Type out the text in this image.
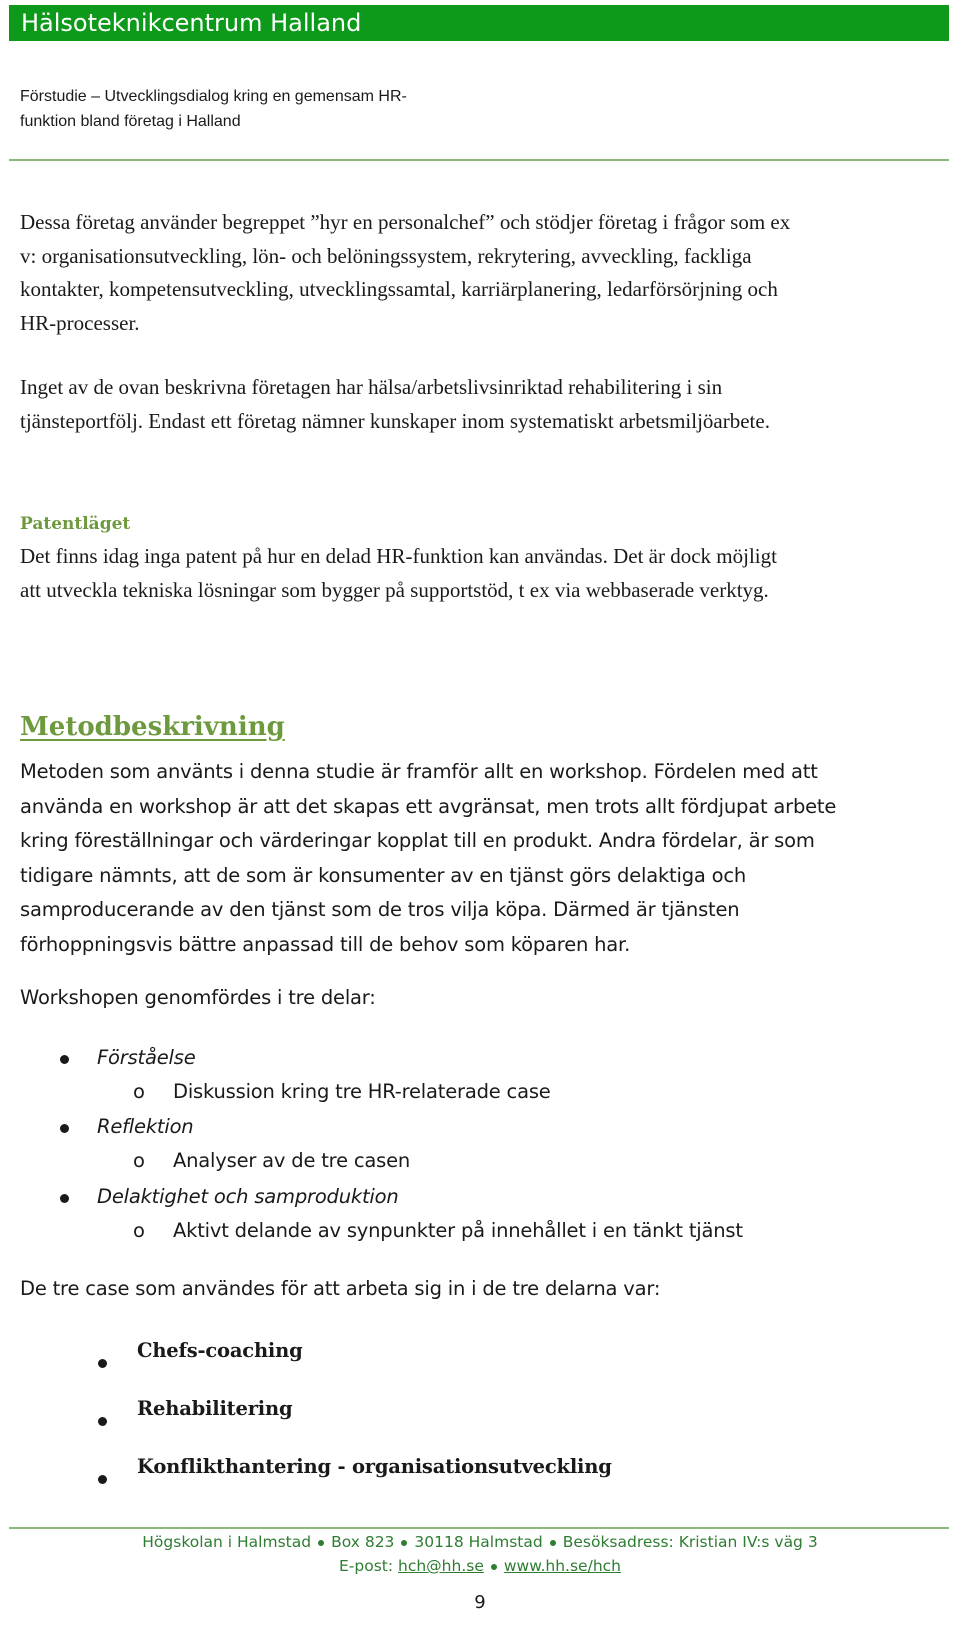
Hälsoteknikcentrum Halland
Förstudie – Utvecklingsdialog kring en gemensam HR-
funktion bland företag i Halland
Dessa företag använder begreppet ”hyr en personalchef” och stödjer företag i frågor som ex
v: organisationsutveckling, lön- och belöningssystem, rekrytering, avveckling, fackliga
kontakter, kompetensutveckling, utvecklingssamtal, karriärplanering, ledarförsörjning och
HR-processer.
Inget av de ovan beskrivna företagen har hälsa/arbetslivsinriktad rehabilitering i sin
tjänsteportfölj. Endast ett företag nämner kunskaper inom systematiskt arbetsmiljöarbete.
Patentläget
Det finns idag inga patent på hur en delad HR-funktion kan användas. Det är dock möjligt
att utveckla tekniska lösningar som bygger på supportstöd, t ex via webbaserade verktyg.
Metodbeskrivning
Metoden som använts i denna studie är framför allt en workshop. Fördelen med att
använda en workshop är att det skapas ett avgränsat, men trots allt fördjupat arbete
kring föreställningar och värderingar kopplat till en produkt. Andra fördelar, är som
tidigare nämnts, att de som är konsumenter av en tjänst görs delaktiga och
samproducerande av den tjänst som de tros vilja köpa. Därmed är tjänsten
förhoppningsvis bättre anpassad till de behov som köparen har.
Workshopen genomfördes i tre delar:
Förståelse
o Diskussion kring tre HR-relaterade case
Reflektion
o Analyser av de tre casen
Delaktighet och samproduktion
o Aktivt delande av synpunkter på innehållet i en tänkt tjänst
De tre case som användes för att arbeta sig in i de tre delarna var:
Chefs-coaching
Rehabilitering
Konflikthantering - organisationsutveckling
Högskolan i Halmstad Box 823 30118 Halmstad Besöksadress: Kristian IV:s väg 3
E-post: hch@hh.se www.hh.se/hch
9
